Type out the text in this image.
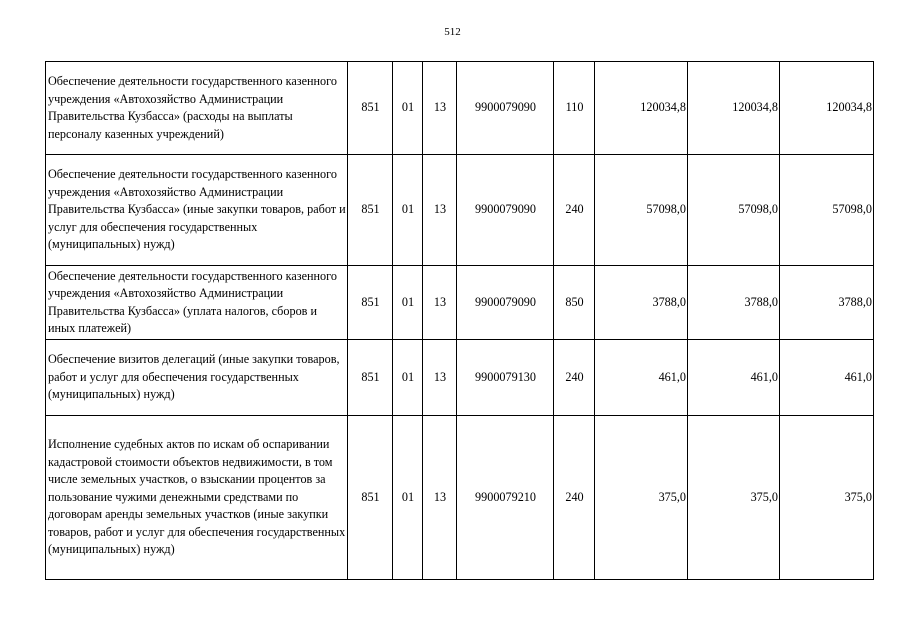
512
Обеспечение деятельности государственного казенного учреждения «Автохозяйство Администрации Правительства Кузбасса» (расходы на выплаты персоналу казенных учреждений)	851	01	13	9900079090	110	120034,8	120034,8	120034,8
Обеспечение деятельности государственного казенного учреждения «Автохозяйство Администрации Правительства Кузбасса» (иные закупки товаров, работ и услуг для обеспечения государственных (муниципальных) нужд)	851	01	13	9900079090	240	57098,0	57098,0	57098,0
Обеспечение деятельности государственного казенного учреждения «Автохозяйство Администрации Правительства Кузбасса» (уплата налогов, сборов и иных платежей)	851	01	13	9900079090	850	3788,0	3788,0	3788,0
Обеспечение визитов делегаций (иные закупки товаров, работ и услуг для обеспечения государственных (муниципальных) нужд)	851	01	13	9900079130	240	461,0	461,0	461,0
Исполнение судебных актов по искам об оспаривании кадастровой стоимости объектов недвижимости, в том числе земельных участков, о взыскании процентов за пользование чужими денежными средствами по договорам аренды земельных участков (иные закупки товаров, работ и услуг для обеспечения государственных (муниципальных) нужд)	851	01	13	9900079210	240	375,0	375,0	375,0
